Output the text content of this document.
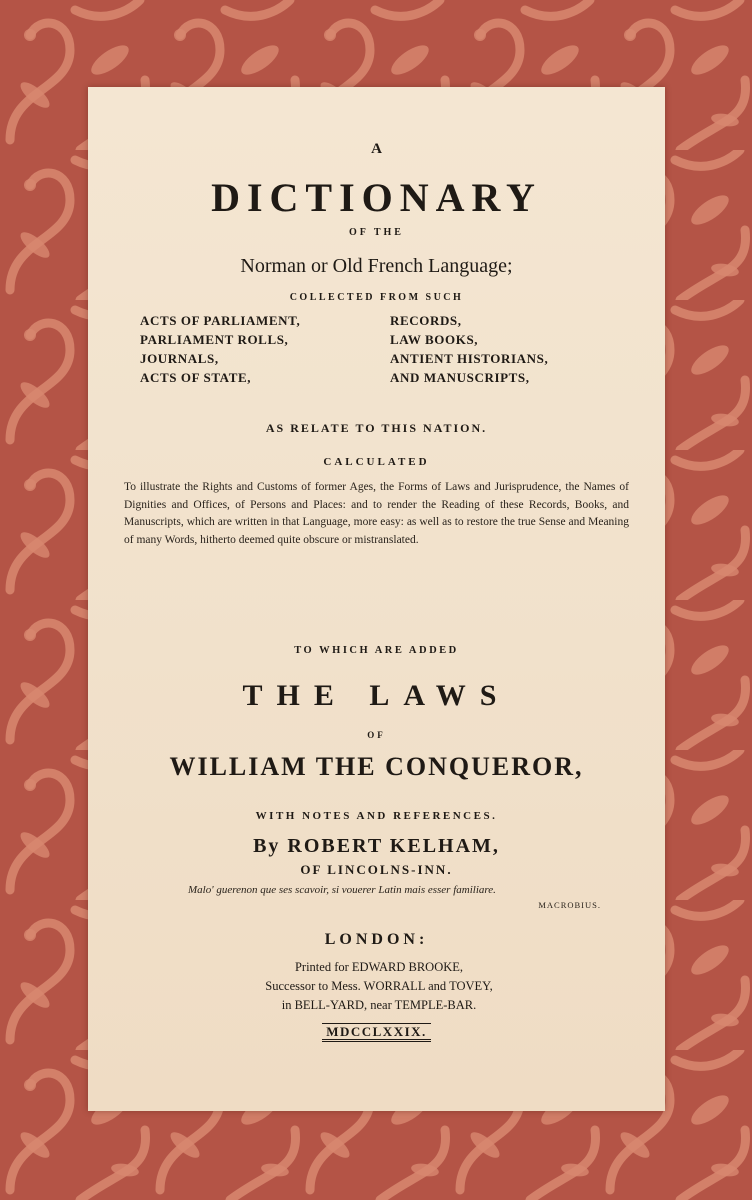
A
DICTIONARY
OF THE
Norman or Old French Language;
COLLECTED FROM SUCH
ACTS OF PARLIAMENT,
PARLIAMENT ROLLS,
JOURNALS,
ACTS OF STATE,
RECORDS,
LAW BOOKS,
ANTIENT HISTORIANS,
AND MANUSCRIPTS,
AS RELATE TO THIS NATION.
CALCULATED
To illustrate the Rights and Customs of former Ages, the Forms of Laws and Jurisprudence, the Names of Dignities and Offices, of Persons and Places: and to render the Reading of these Records, Books, and Manuscripts, which are written in that Language, more easy: as well as to restore the true Sense and Meaning of many Words, hitherto deemed quite obscure or mistranslated.
TO WHICH ARE ADDED
THE LAWS
OF
WILLIAM THE CONQUEROR,
WITH NOTES AND REFERENCES.
By ROBERT KELHAM,
OF LINCOLNS-INN.
Malo' guerenon que ses scavoir, si vouerer Latin mais esser familiare.
MACROBIUS.
LONDON:
Printed for EDWARD BROOKE,
Successor to Mess. WORRALL and TOVEY,
in BELL-YARD, near TEMPLE-BAR.
MDCCLXXIX.
